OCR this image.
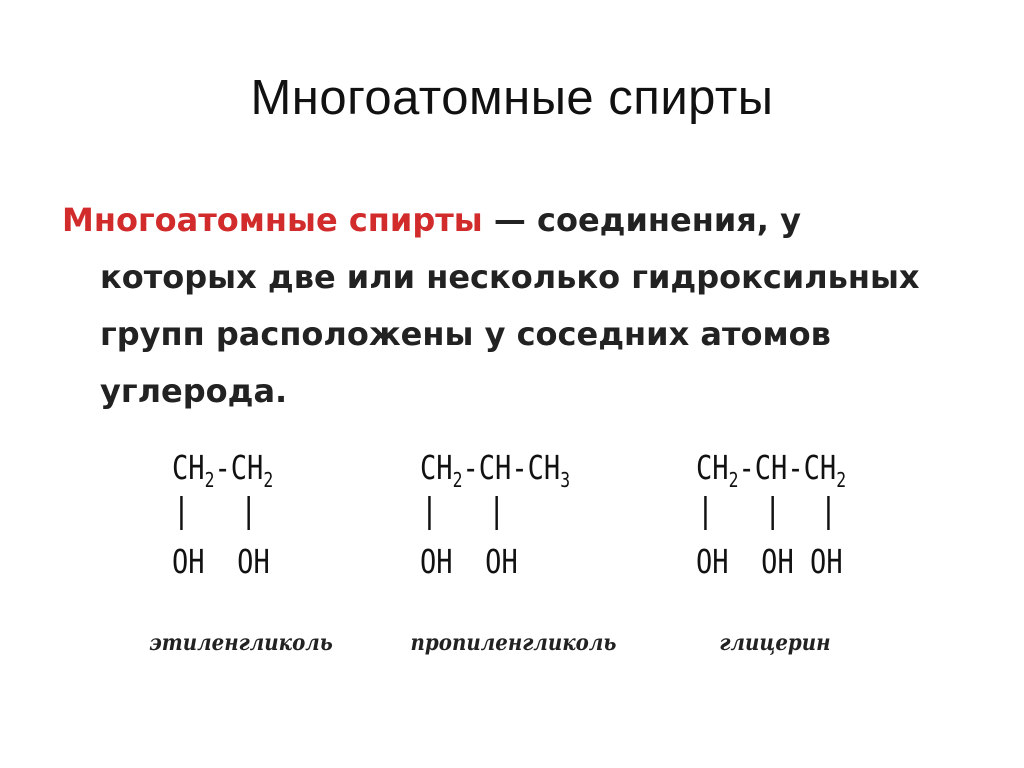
Многоатомные спирты
Многоатомные спирты — соединения, у которых две или несколько гидроксильных групп расположены у соседних атомов углерода.
$CH_2-CH_2$
OH  OH
этиленгликоль
$CH_2-CH-CH_3$
OH  OH
пропиленгликоль
$CH_2-CH-CH_2$
OH  OH OH
глицерин
